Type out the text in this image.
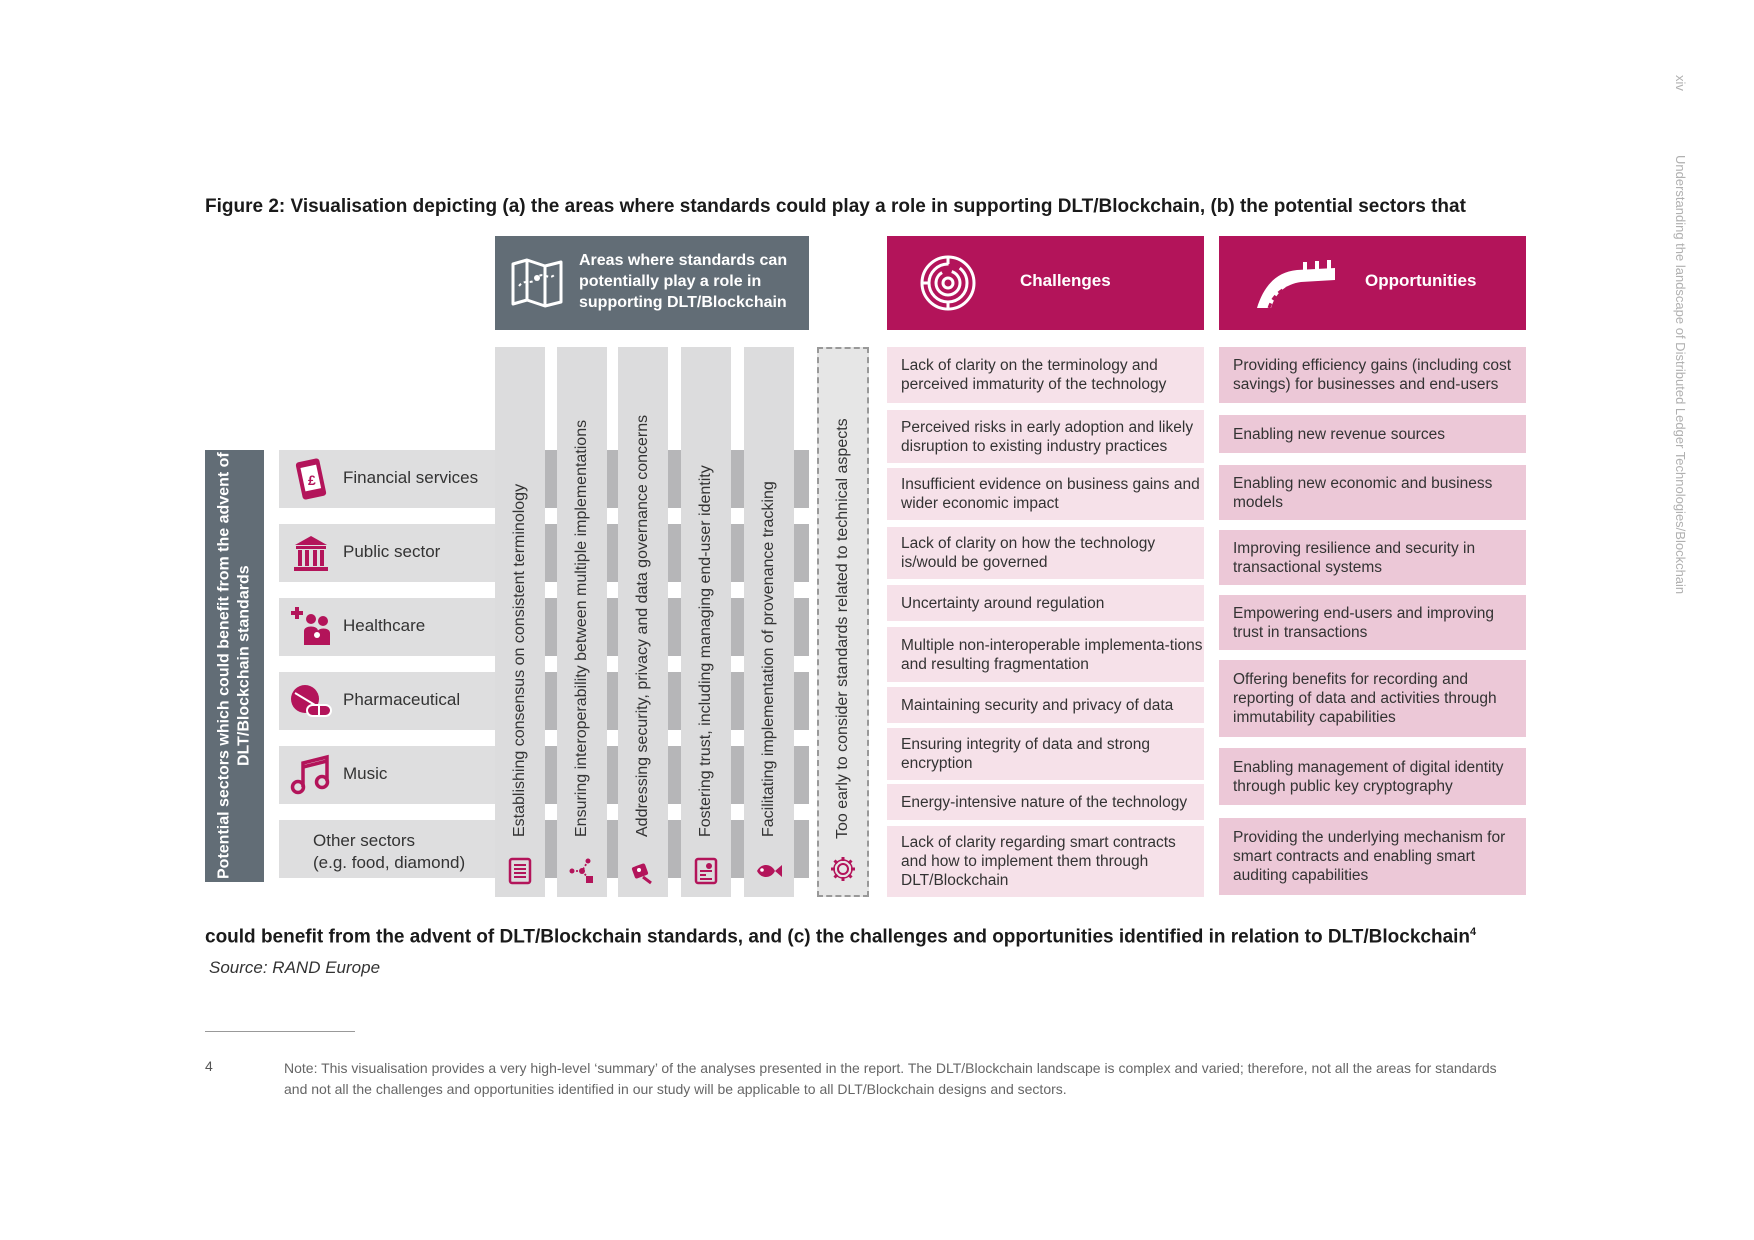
xiv
Understanding the landscape of Distributed Ledger Technologies/Blockchain
Figure 2: Visualisation depicting (a) the areas where standards could play a role in supporting DLT/Blockchain, (b) the potential sectors that
Areas where standards can potentially play a role in supporting DLT/Blockchain
Challenges	Opportunities
Potential sectors which could benefit from the advent of DLT/Blockchain standards
£ Financial services
Public sector
Healthcare
Pharmaceutical
Music
Other sectors
(e.g. food, diamond)
Establishing consensus on consistent terminology	Ensuring interoperability between multiple implementations	Addressing security, privacy and data governance concerns	Fostering trust, including managing end-user identity	Facilitating implementation of provenance tracking	Too early to consider standards related to technical aspects
Lack of clarity on the terminology and perceived immaturity of the technology
Perceived risks in early adoption and likely disruption to existing industry practices
Insufficient evidence on business gains and wider economic impact
Lack of clarity on how the technology is/would be governed
Uncertainty around regulation
Multiple non-interoperable implementa-tions and resulting fragmentation
Maintaining security and privacy of data
Ensuring integrity of data and strong encryption
Energy-intensive nature of the technology
Lack of clarity regarding smart contracts and how to implement them through DLT/Blockchain
Providing efficiency gains (including cost savings) for businesses and end-users
Enabling new revenue sources
Enabling new economic and business models
Improving resilience and security in transactional systems
Empowering end-users and improving trust in transactions
Offering benefits for recording and reporting of data and activities through immutability capabilities
Enabling management of digital identity through public key cryptography
Providing the underlying mechanism for smart contracts and enabling smart auditing capabilities
could benefit from the advent of DLT/Blockchain standards, and (c) the challenges and opportunities identified in relation to DLT/Blockchain$^4$
Source: RAND Europe
4	Note: This visualisation provides a very high-level ‘summary’ of the analyses presented in the report. The DLT/Blockchain landscape is complex and varied; therefore, not all the areas for standards and not all the challenges and opportunities identified in our study will be applicable to all DLT/Blockchain designs and sectors.
